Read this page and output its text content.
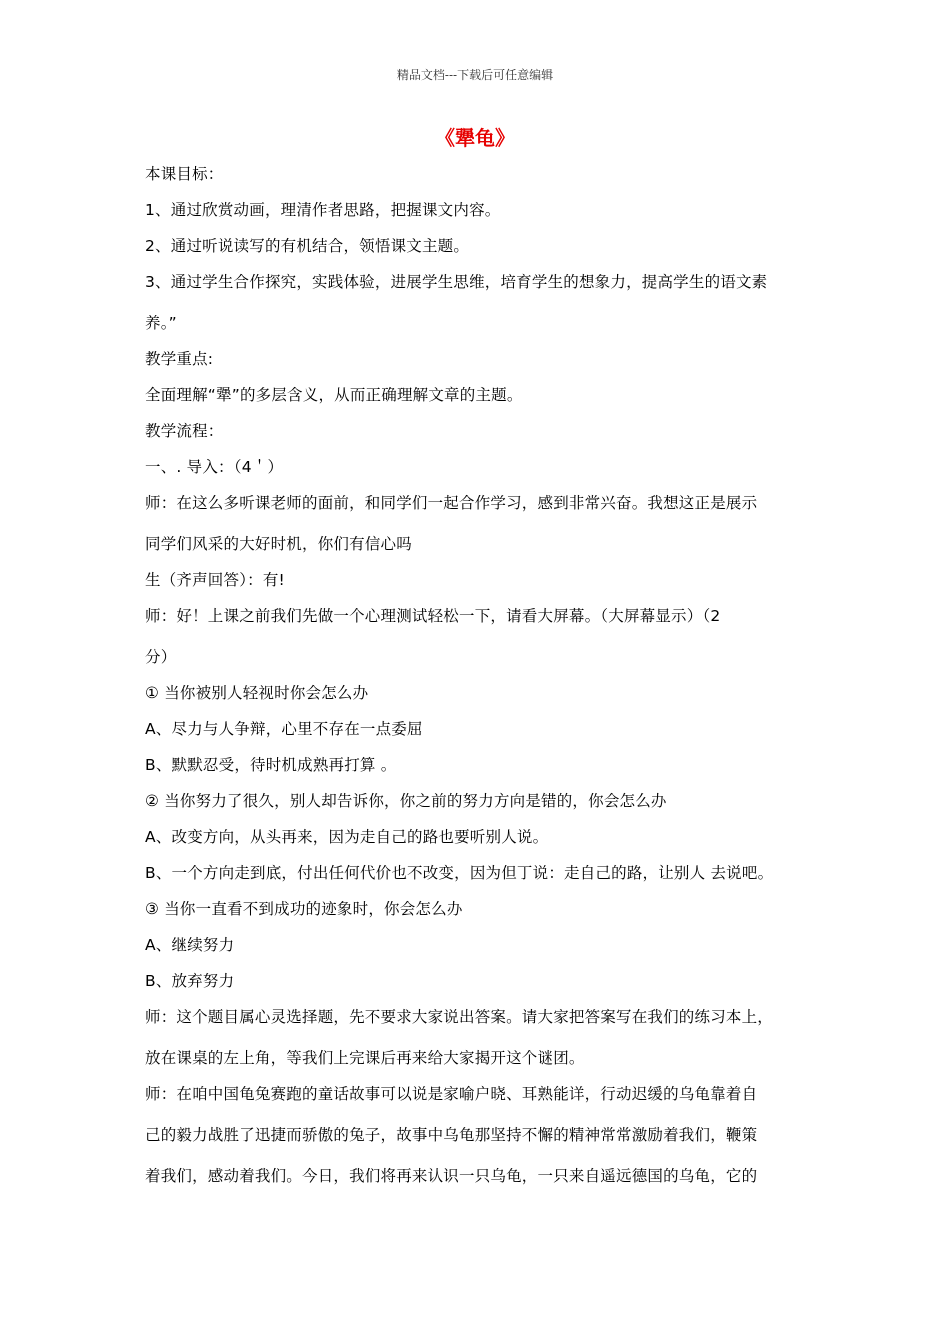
精品文档---下载后可任意编辑
《犟龟》
本课目标：
1、通过欣赏动画，理清作者思路，把握课文内容。
2、通过听说读写的有机结合，领悟课文主题。
3、通过学生合作探究，实践体验，进展学生思维，培育学生的想象力，提高学生的语文素
养。”
教学重点:
全面理解“犟”的多层含义，从而正确理解文章的主题。
教学流程：
一、. 导入：（4＇）
师：在这么多听课老师的面前，和同学们一起合作学习，感到非常兴奋。我想这正是展示
同学们风采的大好时机，你们有信心吗
生（齐声回答）：有!
师：好！上课之前我们先做一个心理测试轻松一下，请看大屏幕。（大屏幕显示）（2
分）
① 当你被别人轻视时你会怎么办
A、尽力与人争辩，心里不存在一点委屈
B、默默忍受，待时机成熟再打算 。
② 当你努力了很久，别人却告诉你，你之前的努力方向是错的，你会怎么办
A、改变方向，从头再来，因为走自己的路也要听别人说。
B、一个方向走到底，付出任何代价也不改变，因为但丁说：走自己的路，让别人 去说吧。
③ 当你一直看不到成功的迹象时，你会怎么办
A、继续努力
B、放弃努力
师：这个题目属心灵选择题，先不要求大家说出答案。请大家把答案写在我们的练习本上，
放在课桌的左上角，等我们上完课后再来给大家揭开这个谜团。
师：在咱中国龟兔赛跑的童话故事可以说是家喻户晓、耳熟能详，行动迟缓的乌龟靠着自
己的毅力战胜了迅捷而骄傲的兔子，故事中乌龟那坚持不懈的精神常常激励着我们，鞭策
着我们，感动着我们。今日，我们将再来认识一只乌龟，一只来自遥远德国的乌龟，它的
